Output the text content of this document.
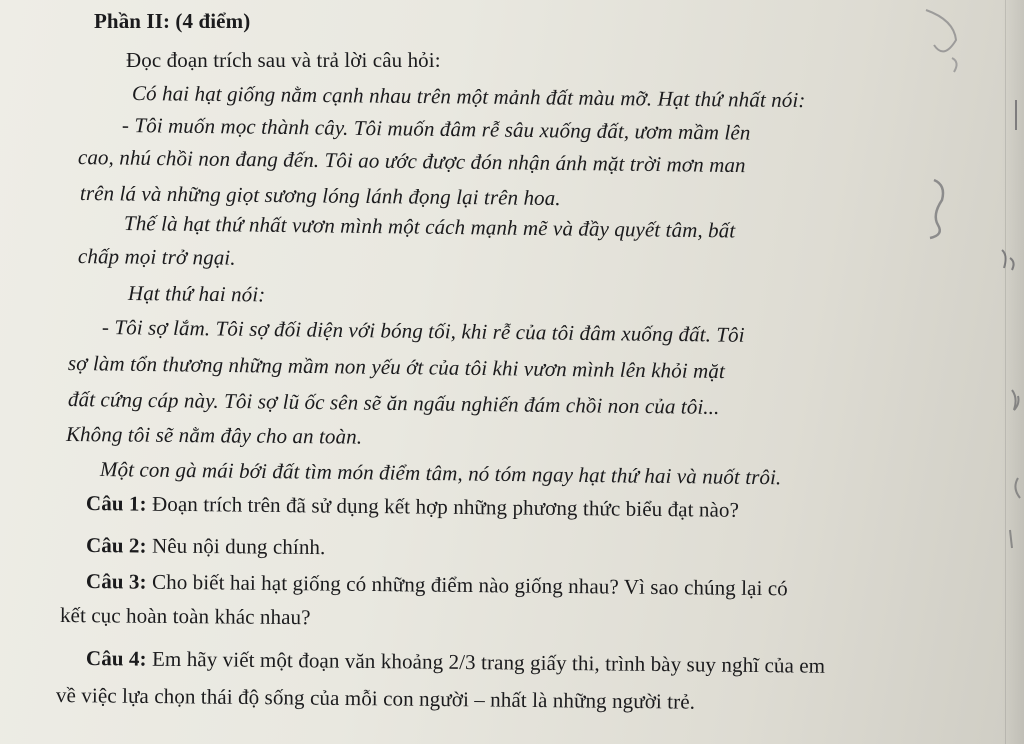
Phần II: (4 điểm)
Đọc đoạn trích sau và trả lời câu hỏi:
Có hai hạt giống nằm cạnh nhau trên một mảnh đất màu mỡ. Hạt thứ nhất nói:
- Tôi muốn mọc thành cây. Tôi muốn đâm rễ sâu xuống đất, ươm mầm lên
cao, nhú chồi non đang đến. Tôi ao ước được đón nhận ánh mặt trời mơn man
trên lá và những giọt sương lóng lánh đọng lại trên hoa.
Thế là hạt thứ nhất vươn mình một cách mạnh mẽ và đầy quyết tâm, bất
chấp mọi trở ngại.
Hạt thứ hai nói:
- Tôi sợ lắm. Tôi sợ đối diện với bóng tối, khi rễ của tôi đâm xuống đất. Tôi
sợ làm tổn thương những mầm non yếu ớt của tôi khi vươn mình lên khỏi mặt
đất cứng cáp này. Tôi sợ lũ ốc sên sẽ ăn ngấu nghiến đám chồi non của tôi...
Không tôi sẽ nằm đây cho an toàn.
Một con gà mái bới đất tìm món điểm tâm, nó tóm ngay hạt thứ hai và nuốt trôi.
Câu 1: Đoạn trích trên đã sử dụng kết hợp những phương thức biểu đạt nào?
Câu 2: Nêu nội dung chính.
Câu 3: Cho biết hai hạt giống có những điểm nào giống nhau? Vì sao chúng lại có
kết cục hoàn toàn khác nhau?
Câu 4: Em hãy viết một đoạn văn khoảng 2/3 trang giấy thi, trình bày suy nghĩ của em
về việc lựa chọn thái độ sống của mỗi con người – nhất là những người trẻ.
